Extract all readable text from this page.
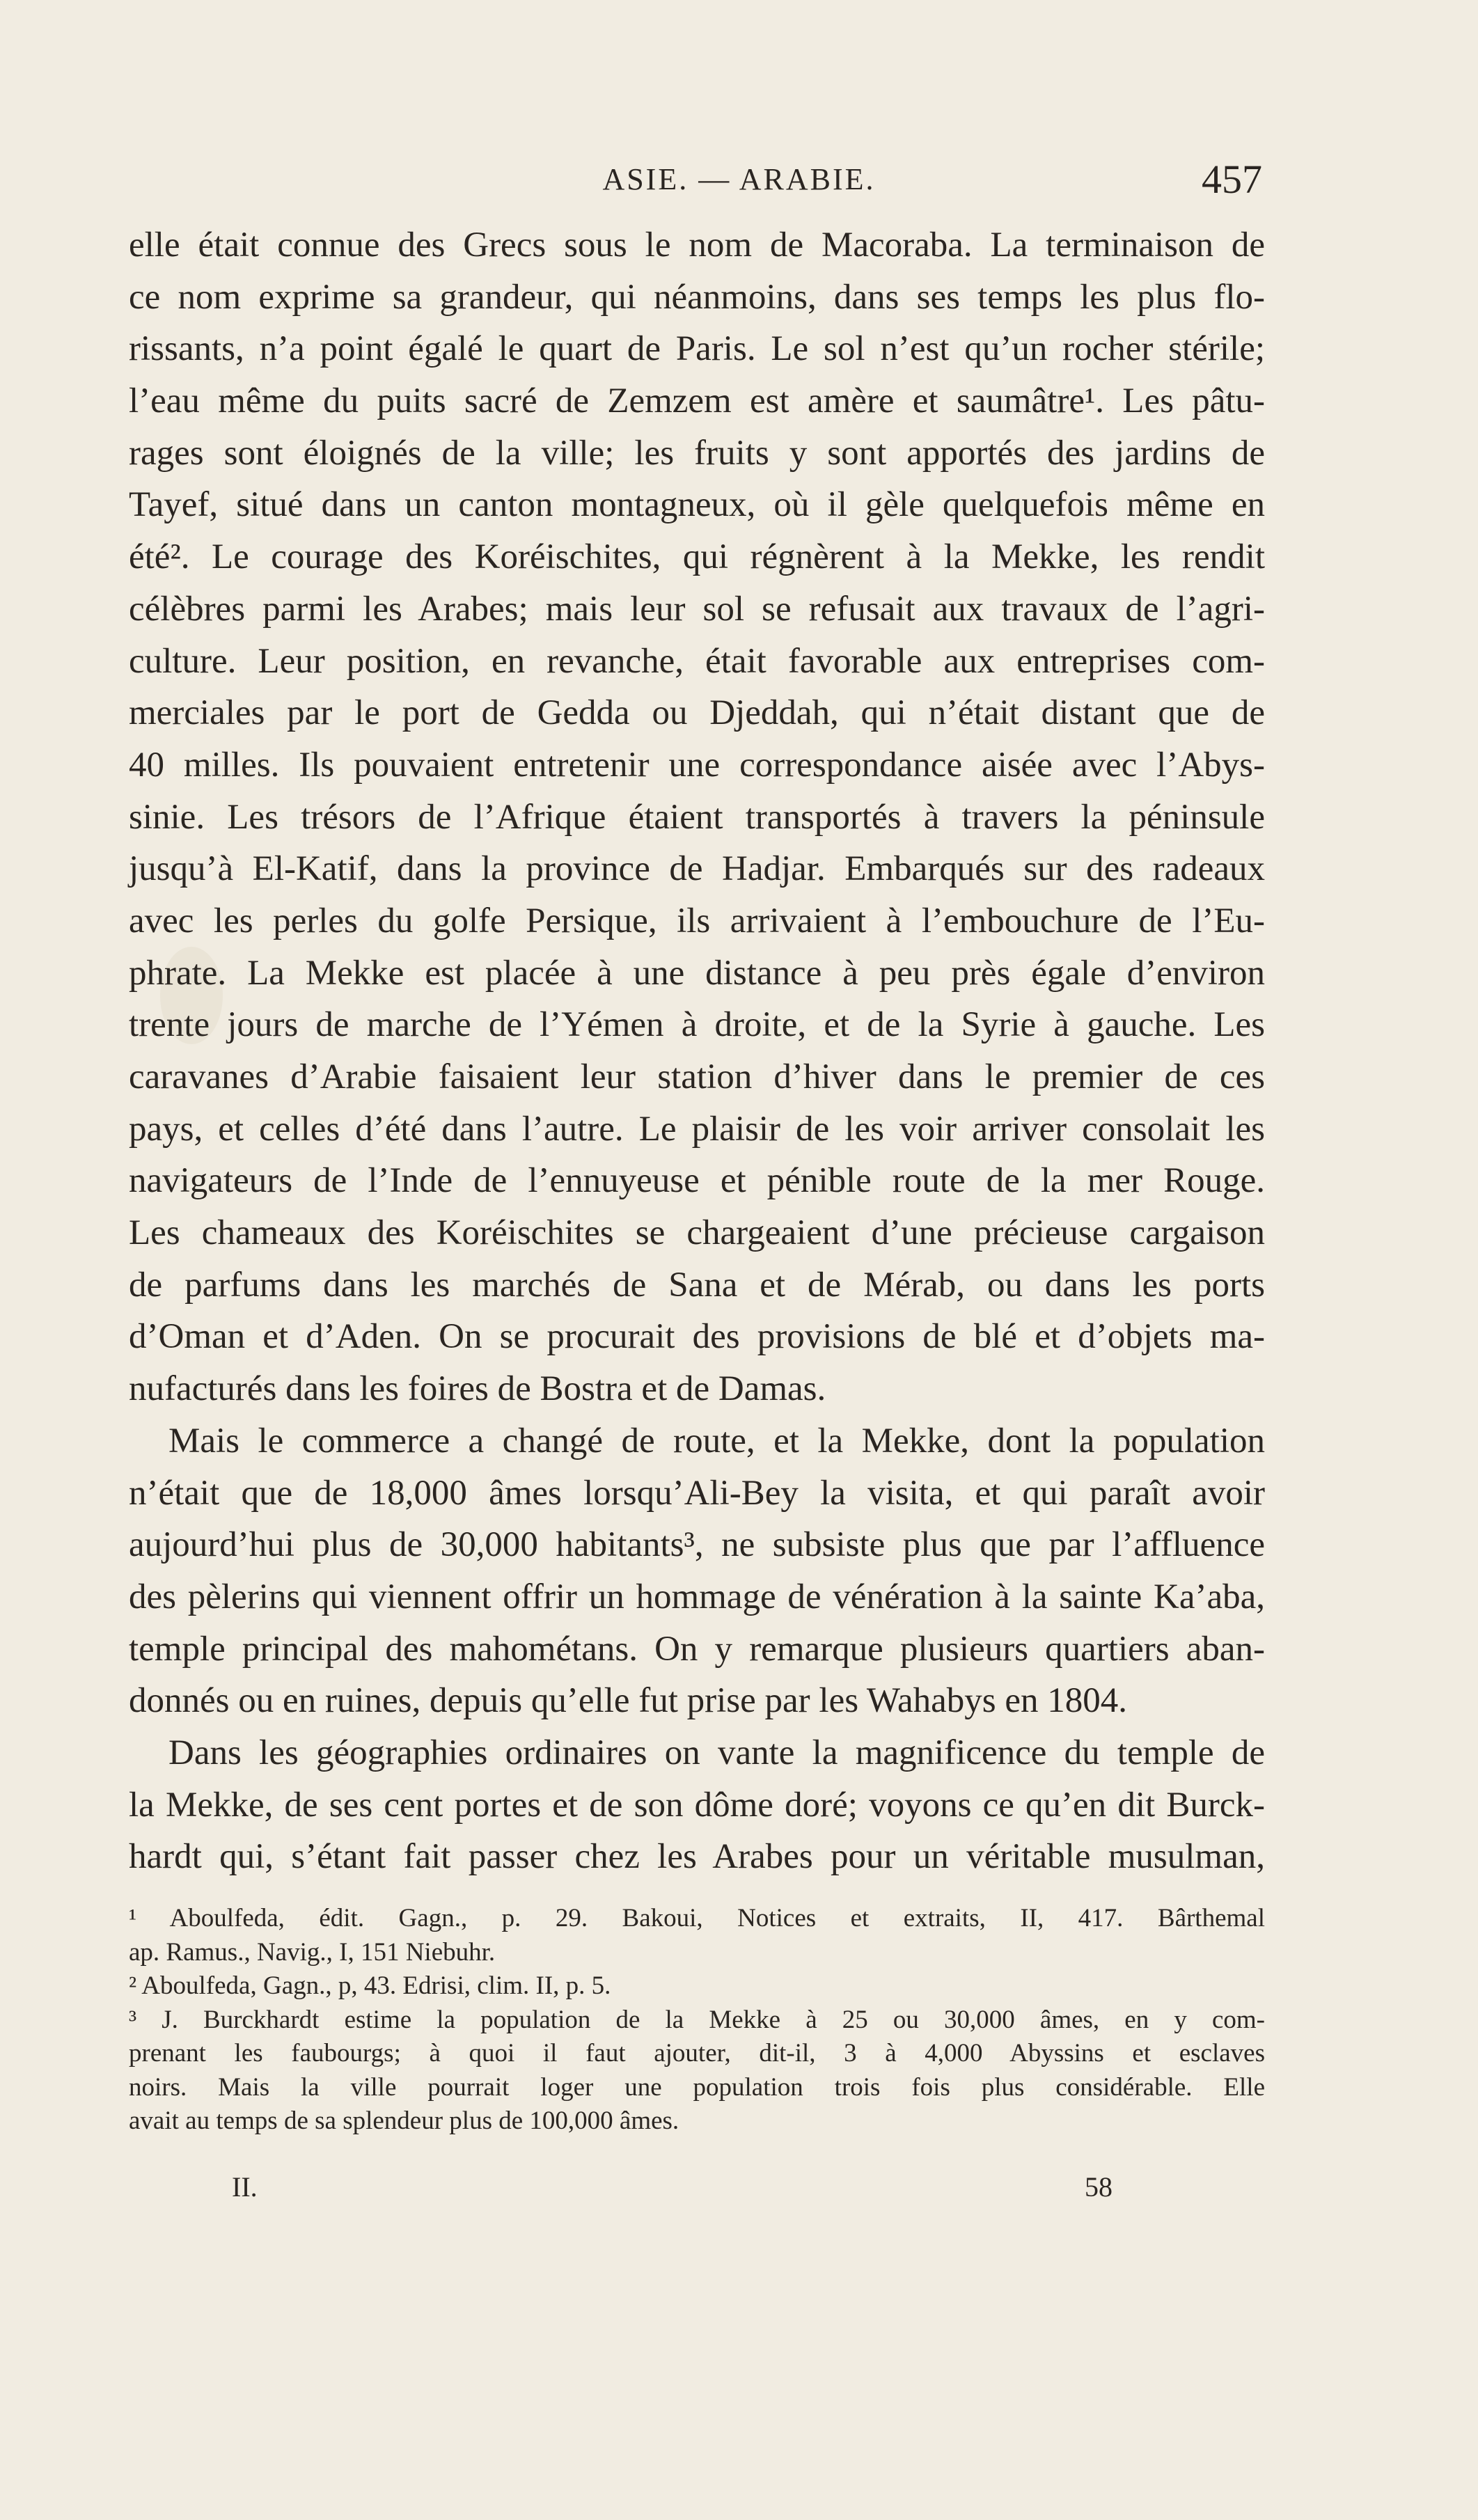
ASIE. — ARABIE.	457
elle était connue des Grecs sous le nom de Macoraba. La terminaison de
ce nom exprime sa grandeur, qui néanmoins, dans ses temps les plus flo-
rissants, n’a point égalé le quart de Paris. Le sol n’est qu’un rocher stérile;
l’eau même du puits sacré de Zemzem est amère et saumâtre¹. Les pâtu-
rages sont éloignés de la ville; les fruits y sont apportés des jardins de
Tayef, situé dans un canton montagneux, où il gèle quelquefois même en
été². Le courage des Koréischites, qui régnèrent à la Mekke, les rendit
célèbres parmi les Arabes; mais leur sol se refusait aux travaux de l’agri-
culture. Leur position, en revanche, était favorable aux entreprises com-
merciales par le port de Gedda ou Djeddah, qui n’était distant que de
40 milles. Ils pouvaient entretenir une correspondance aisée avec l’Abys-
sinie. Les trésors de l’Afrique étaient transportés à travers la péninsule
jusqu’à El-Katif, dans la province de Hadjar. Embarqués sur des radeaux
avec les perles du golfe Persique, ils arrivaient à l’embouchure de l’Eu-
phrate. La Mekke est placée à une distance à peu près égale d’environ
trente jours de marche de l’Yémen à droite, et de la Syrie à gauche. Les
caravanes d’Arabie faisaient leur station d’hiver dans le premier de ces
pays, et celles d’été dans l’autre. Le plaisir de les voir arriver consolait les
navigateurs de l’Inde de l’ennuyeuse et pénible route de la mer Rouge.
Les chameaux des Koréischites se chargeaient d’une précieuse cargaison
de parfums dans les marchés de Sana et de Mérab, ou dans les ports
d’Oman et d’Aden. On se procurait des provisions de blé et d’objets ma-
nufacturés dans les foires de Bostra et de Damas.
Mais le commerce a changé de route, et la Mekke, dont la population
n’était que de 18,000 âmes lorsqu’Ali-Bey la visita, et qui paraît avoir
aujourd’hui plus de 30,000 habitants³, ne subsiste plus que par l’affluence
des pèlerins qui viennent offrir un hommage de vénération à la sainte Ka’aba,
temple principal des mahométans. On y remarque plusieurs quartiers aban-
donnés ou en ruines, depuis qu’elle fut prise par les Wahabys en 1804.
Dans les géographies ordinaires on vante la magnificence du temple de
la Mekke, de ses cent portes et de son dôme doré; voyons ce qu’en dit Burck-
hardt qui, s’étant fait passer chez les Arabes pour un véritable musulman,
¹ Aboulfeda, édit. Gagn., p. 29. Bakoui, Notices et extraits, II, 417. Bârthemal
ap. Ramus., Navig., I, 151 Niebuhr.
² Aboulfeda, Gagn., p, 43. Edrisi, clim. II, p. 5.
³ J. Burckhardt estime la population de la Mekke à 25 ou 30,000 âmes, en y com-
prenant les faubourgs; à quoi il faut ajouter, dit-il, 3 à 4,000 Abyssins et esclaves
noirs. Mais la ville pourrait loger une population trois fois plus considérable. Elle
avait au temps de sa splendeur plus de 100,000 âmes.
II.	58
